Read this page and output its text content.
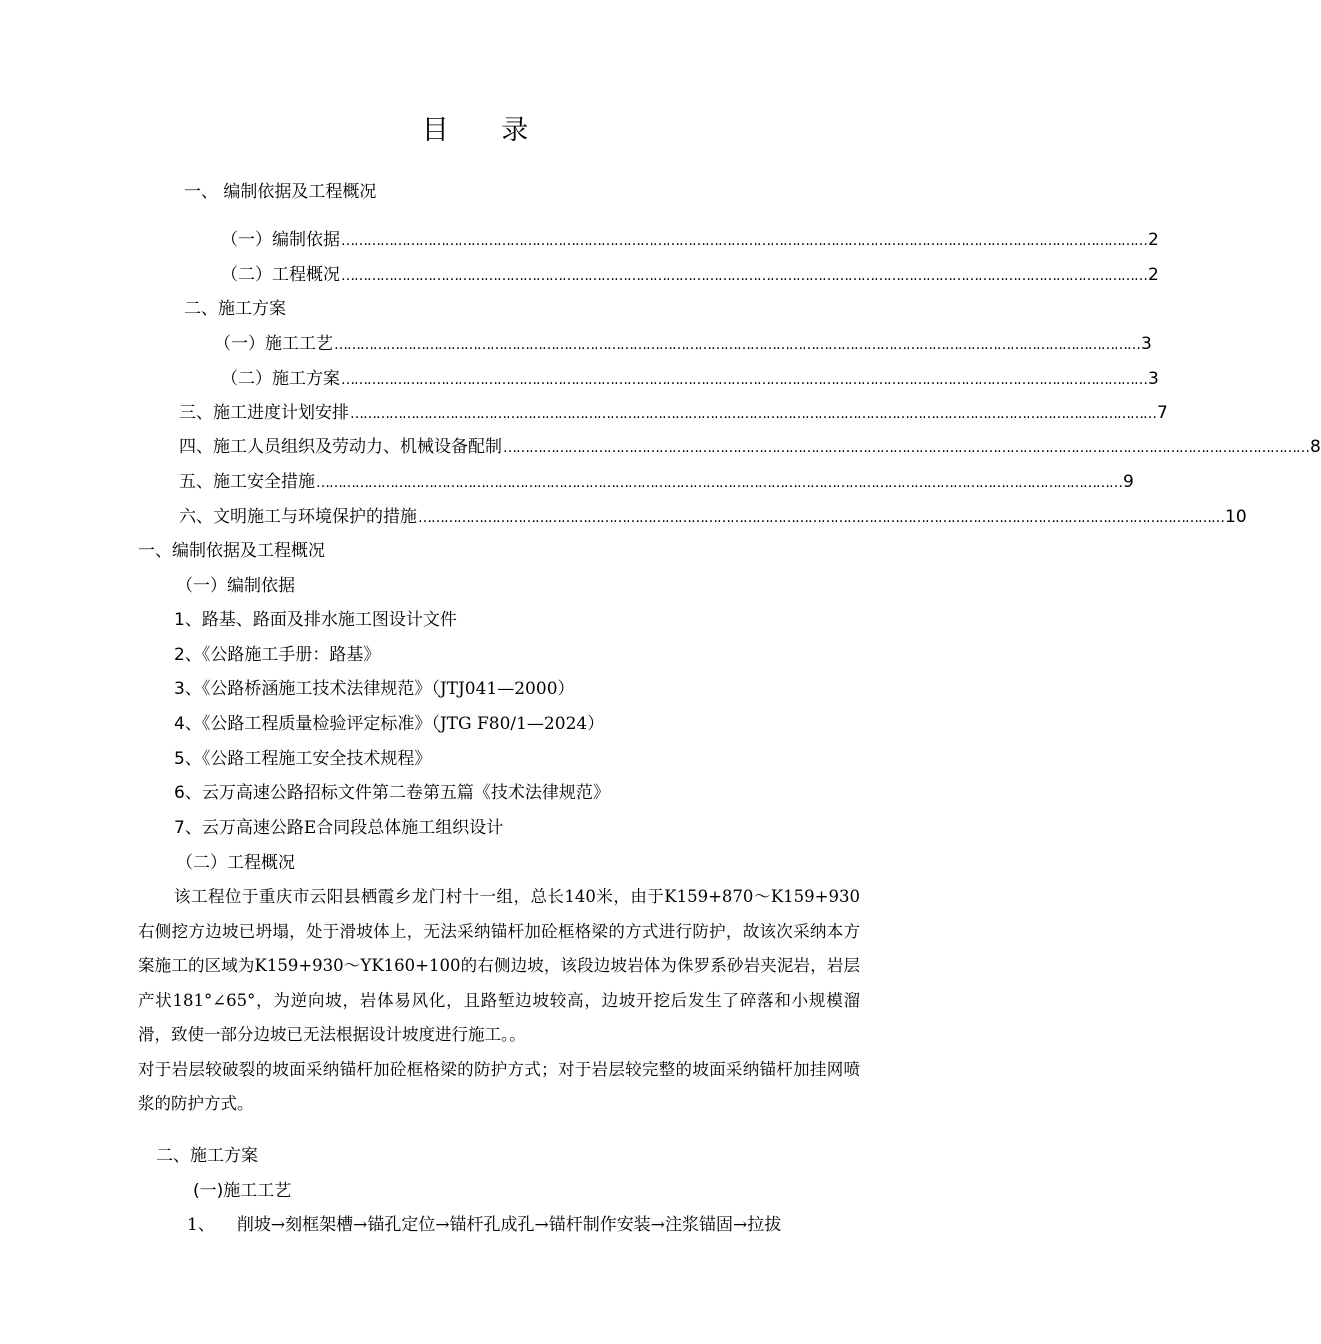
目 录
一、 编制依据及工程概况
（一）编制依据 …………………………………………………………………………………………………………………………………………………………………… 2
（二）工程概况 …………………………………………………………………………………………………………………………………………………………………… 2
二、施工方案
（一）施工工艺 …………………………………………………………………………………………………………………………………………………………………… 3
（二）施工方案 …………………………………………………………………………………………………………………………………………………………………… 3
三、施工进度计划安排 …………………………………………………………………………………………………………………………………………………………………… 7
四、施工人员组织及劳动力、机械设备配制 …………………………………………………………………………………………………………………………………………………………………… 8
五、施工安全措施 …………………………………………………………………………………………………………………………………………………………………… 9
六、文明施工与环境保护的措施 …………………………………………………………………………………………………………………………………………………………………… 10
一、编制依据及工程概况
（一）编制依据
1、路基、路面及排水施工图设计文件
2、《公路施工手册：路基》
3、《公路桥涵施工技术法律规范》（JTJ041—2000）
4、《公路工程质量检验评定标准》（JTG F80/1—2024）
5、《公路工程施工安全技术规程》
6、云万高速公路招标文件第二卷第五篇《技术法律规范》
7、云万高速公路E合同段总体施工组织设计
（二）工程概况

该工程位于重庆市云阳县栖霞乡龙门村十一组，总长140米，由于K159+870～K159+930右侧挖方边坡已坍塌，处于滑坡体上，无法采纳锚杆加砼框格梁的方式进行防护，故该次采纳本方案施工的区域为K159+930～YK160+100的右侧边坡，该段边坡岩体为侏罗系砂岩夹泥岩，岩层产状181°∠65°，为逆向坡，岩体易风化，且路堑边坡较高，边坡开挖后发生了碎落和小规模溜滑，致使一部分边坡已无法根据设计坡度进行施工。。

对于岩层较破裂的坡面采纳锚杆加砼框格梁的防护方式；对于岩层较完整的坡面采纳锚杆加挂网喷浆的防护方式。

二、施工方案
(一)施工工艺
1、 削坡→刻框架槽→锚孔定位→锚杆孔成孔→锚杆制作安装→注浆锚固→拉拔
